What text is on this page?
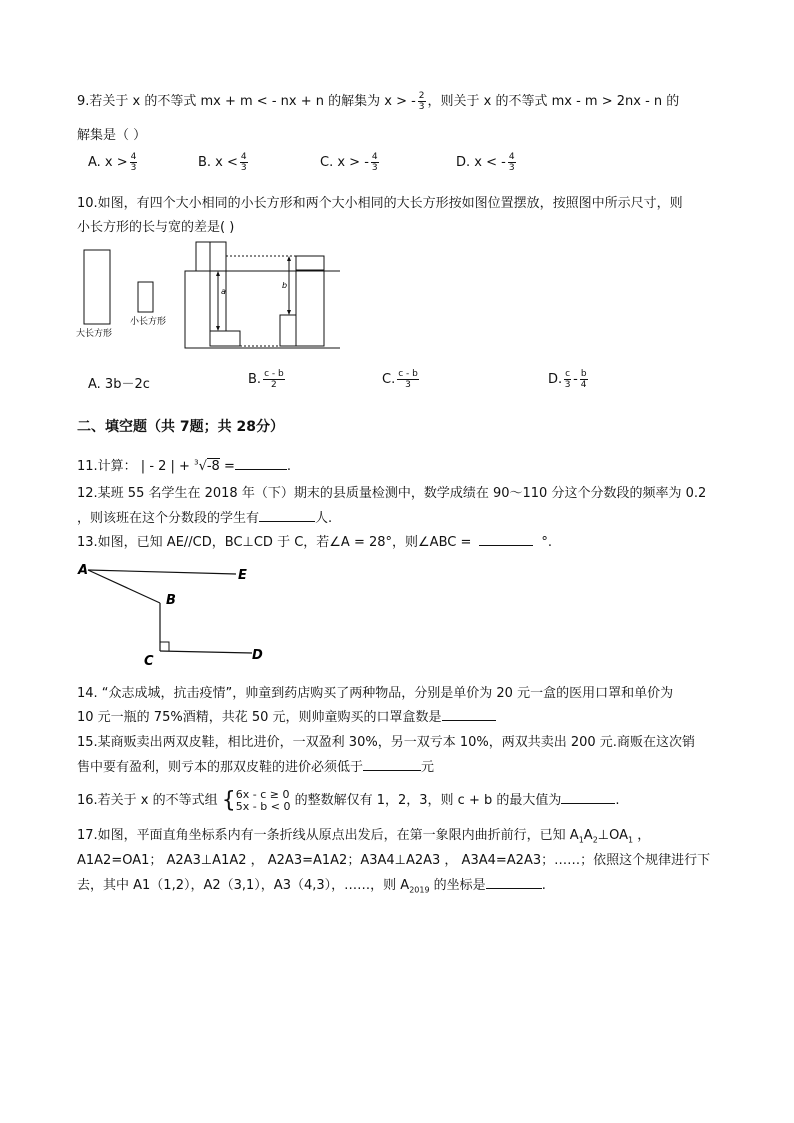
9.若关于 x 的不等式 mx + m < - nx + n 的解集为 x > - $\frac{2}{3}$ ，则关于 x 的不等式 mx - m > 2nx - n 的
解集是（ ）
A. $x > \frac{4}{3}$	B. $x < \frac{4}{3}$	C. x > - $\frac{4}{3}$	D. x < - $\frac{4}{3}$
10.如图，有四个大小相同的小长方形和两个大小相同的大长方形按如图位置摆放，按照图中所示尺寸，则
小长方形的长与宽的差是( )
大长方形
小长方形
a
b
A. 3b－2c	B. $\frac{c - b}{2}$	C. $\frac{c - b}{3}$	D. $\frac{c}{3} - \frac{b}{4}$
二、填空题（共 7题；共 28分）
11.计算： | - 2 | + $^3$√-8 =	.
12.某班 55 名学生在 2018 年（下）期末的县质量检测中，数学成绩在 90～110 分这个分数段的频率为 0.2
，则该班在这个分数段的学生有	人.
13.如图，已知 AE//CD，BC⊥CD 于 C，若∠A = 28°，则∠ABC =	°.
A	E
B
C	D
14. “众志成城，抗击疫情”，帅童到药店购买了两种物品，分别是单价为 20 元一盒的医用口罩和单价为
10 元一瓶的 75%酒精，共花 50 元，则帅童购买的口罩盒数是
15.某商贩卖出两双皮鞋，相比进价，一双盈利 30%，另一双亏本 10%，两双共卖出 200 元.商贩在这次销
售中要有盈利，则亏本的那双皮鞋的进价必须低于	元
16.若关于 x 的不等式组 { 6x - c ≥ 0
5x - b < 0 的整数解仅有 1，2，3，则 c + b 的最大值为	.
17.如图，平面直角坐标系内有一条折线从原点出发后，在第一象限内曲折前行，已知 $A_1A_2\perp OA_1$ ，
A1A2=OA1； A2A3⊥A1A2 ， A2A3=A1A2；A3A4⊥A2A3 ， A3A4=A2A3；……；依照这个规律进行下
去，其中 A1（1,2），A2（3,1），A3（4,3），……，则 $A_{2019}$ 的坐标是	.
